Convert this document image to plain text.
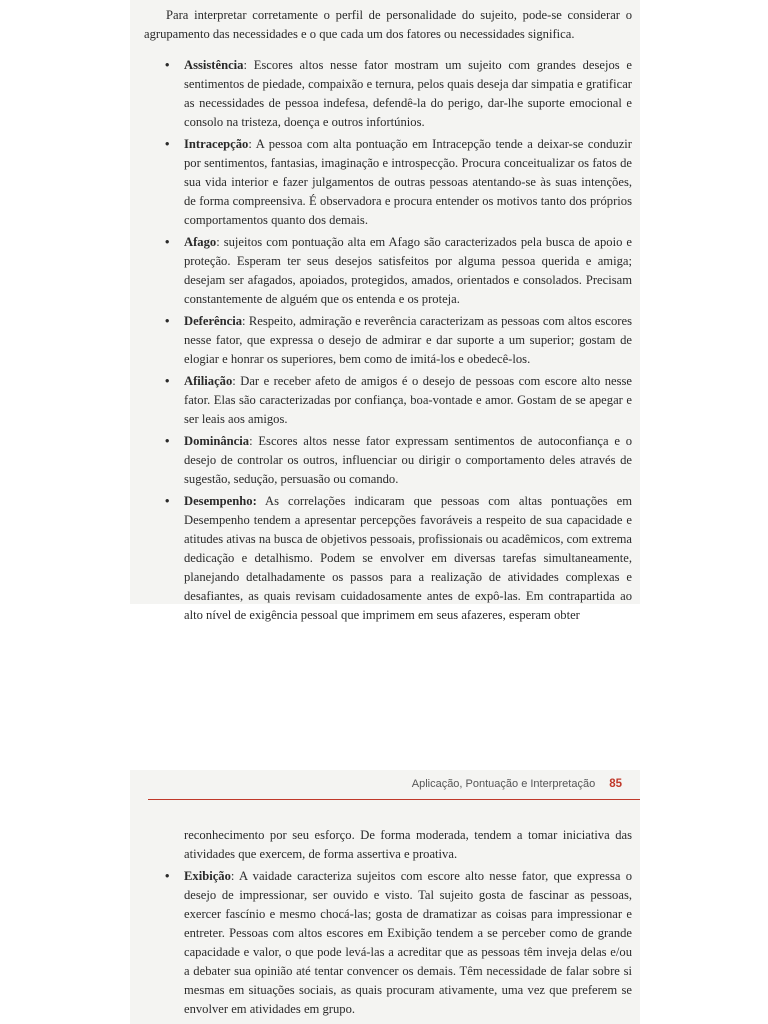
Para interpretar corretamente o perfil de personalidade do sujeito, pode-se considerar o agrupamento das necessidades e o que cada um dos fatores ou necessidades significa.

• Assistência: Escores altos nesse fator mostram um sujeito com grandes desejos e sentimentos de piedade, compaixão e ternura, pelos quais deseja dar simpatia e gratificar as necessidades de pessoa indefesa, defendê-la do perigo, dar-lhe suporte emocional e consolo na tristeza, doença e outros infortúnios.
• Intracepção: A pessoa com alta pontuação em Intracepção tende a deixar-se conduzir por sentimentos, fantasias, imaginação e introspecção. Procura conceitualizar os fatos de sua vida interior e fazer julgamentos de outras pessoas atentando-se às suas intenções, de forma compreensiva. É observadora e procura entender os motivos tanto dos próprios comportamentos quanto dos demais.
• Afago: sujeitos com pontuação alta em Afago são caracterizados pela busca de apoio e proteção. Esperam ter seus desejos satisfeitos por alguma pessoa querida e amiga; desejam ser afagados, apoiados, protegidos, amados, orientados e consolados. Precisam constantemente de alguém que os entenda e os proteja.
• Deferência: Respeito, admiração e reverência caracterizam as pessoas com altos escores nesse fator, que expressa o desejo de admirar e dar suporte a um superior; gostam de elogiar e honrar os superiores, bem como de imitá-los e obedecê-los.
• Afiliação: Dar e receber afeto de amigos é o desejo de pessoas com escore alto nesse fator. Elas são caracterizadas por confiança, boa-vontade e amor. Gostam de se apegar e ser leais aos amigos.
• Dominância: Escores altos nesse fator expressam sentimentos de autoconfiança e o desejo de controlar os outros, influenciar ou dirigir o comportamento deles através de sugestão, sedução, persuasão ou comando.
• Desempenho: As correlações indicaram que pessoas com altas pontuações em Desempenho tendem a apresentar percepções favoráveis a respeito de sua capacidade e atitudes ativas na busca de objetivos pessoais, profissionais ou acadêmicos, com extrema dedicação e detalhismo. Podem se envolver em diversas tarefas simultaneamente, planejando detalhadamente os passos para a realização de atividades complexas e desafiantes, as quais revisam cuidadosamente antes de expô-las. Em contrapartida ao alto nível de exigência pessoal que imprimem em seus afazeres, esperam obter
Aplicação, Pontuação e Interpretação 85

reconhecimento por seu esforço. De forma moderada, tendem a tomar iniciativa das atividades que exercem, de forma assertiva e proativa.

• Exibição: A vaidade caracteriza sujeitos com escore alto nesse fator, que expressa o desejo de impressionar, ser ouvido e visto. Tal sujeito gosta de fascinar as pessoas, exercer fascínio e mesmo chocá-las; gosta de dramatizar as coisas para impressionar e entreter. Pessoas com altos escores em Exibição tendem a se perceber como de grande capacidade e valor, o que pode levá-las a acreditar que as pessoas têm inveja delas e/ou a debater sua opinião até tentar convencer os demais. Têm necessidade de falar sobre si mesmas em situações sociais, as quais procuram ativamente, uma vez que preferem se envolver em atividades em grupo.
